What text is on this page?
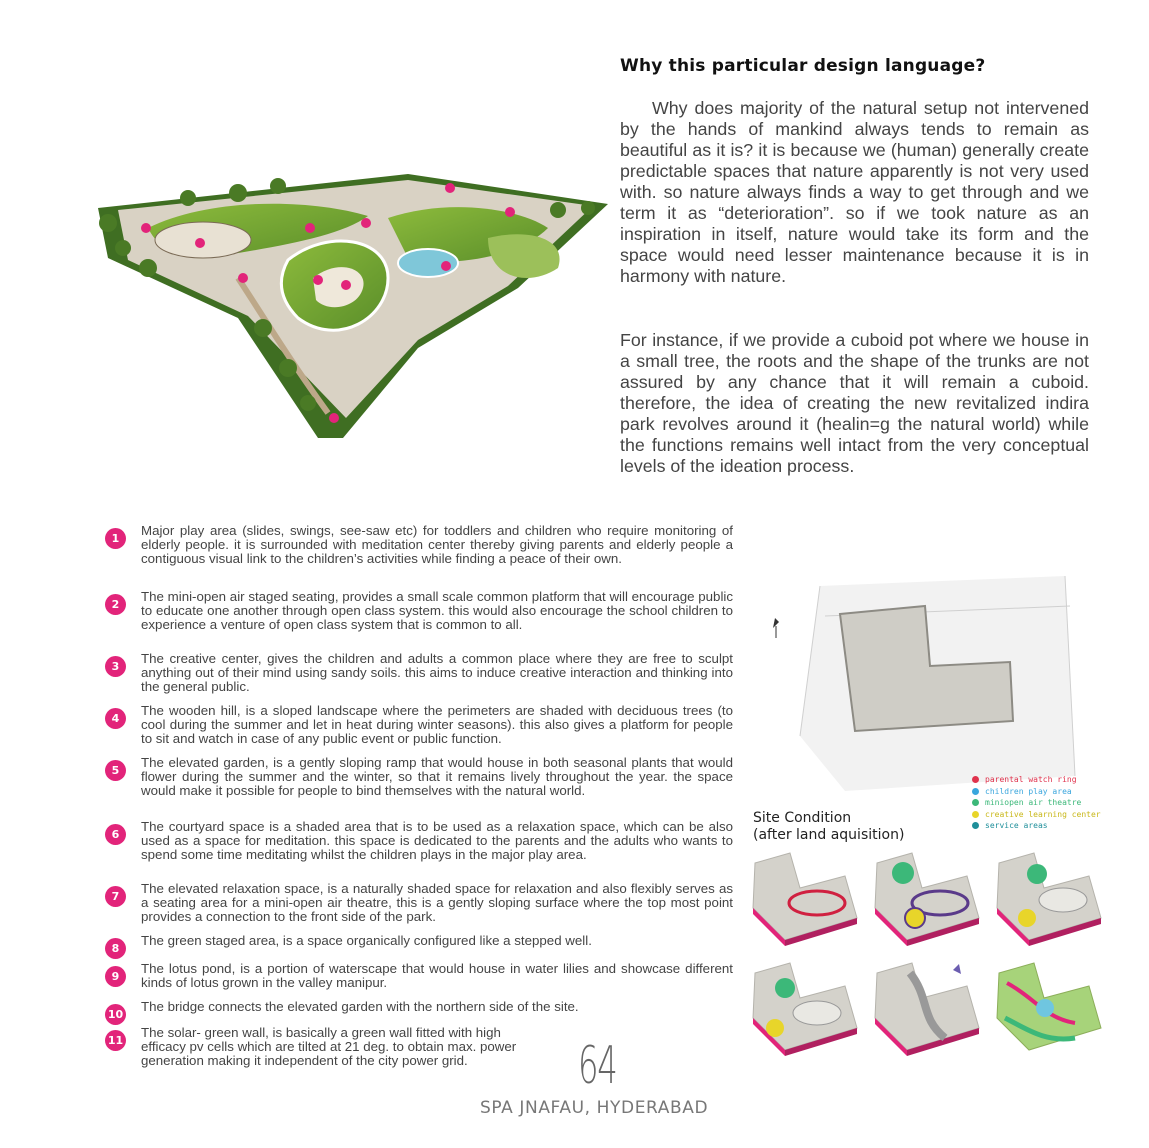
Why this particular design language?

Why does majority of the natural setup not intervened by the hands of mankind always tends to remain as beautiful as it is? it is because we (human) generally create predictable spaces that nature apparently is not very used with. so nature always finds a way to get through and we term it as “deterioration”. so if we took nature as an inspiration in itself, nature would take its form and the space would need lesser maintenance because it is in harmony with nature.

For instance, if we provide a cuboid pot where we house in a small tree, the roots and the shape of the trunks are not assured by any chance that it will remain a cuboid. therefore, the idea of creating the new revitalized indira park revolves around it (healin=g the natural world) while the functions remains well intact from the very conceptual levels of the ideation process.

1
Major play area (slides, swings, see-saw etc) for toddlers and children who require monitoring of elderly people. it is surrounded with meditation center thereby giving parents and elderly people a contiguous visual link to the children’s activities while finding a peace of their own.
2
The mini-open air staged seating, provides a small scale common platform that will encourage public to educate one another through open class system. this would also encourage the school children to experience a venture of open class system that is common to all.
3
The creative center, gives the children and adults a common place where they are free to sculpt anything out of their mind using sandy soils. this aims to induce creative interaction and thinking into the general public.
4
The wooden hill, is a sloped landscape where the perimeters are shaded with deciduous trees (to cool during the summer and let in heat during winter seasons). this also gives a platform for people to sit and watch in case of any public event or public function.
5
The elevated garden, is a gently sloping ramp that would house in both seasonal plants that would flower during the summer and the winter, so that it remains lively throughout the year. the space would make it possible for people to bind themselves with the natural world.
6
The courtyard space is a shaded area that is to be used as a relaxation space, which can be also used as a space for meditation. this space is dedicated to the parents and the adults who wants to spend some time meditating whilst the children plays in the major play area.
7
The elevated relaxation space, is a naturally shaded space for relaxation and also flexibly serves as a seating area for a mini-open air theatre, this is a gently sloping surface where the top most point provides a connection to the front side of the park.
8
The green staged area, is a space organically configured like a stepped well.
9
The lotus pond, is a portion of waterscape that would house in water lilies and showcase different kinds of lotus grown in the valley manipur.
10
The bridge connects the elevated garden with the northern side of the site.
11
The solar- green wall, is basically a green wall fitted with high efficacy pv cells which are tilted at 21 deg. to obtain max. power generation making it independent of the city power grid.
Site Condition
(after land aquisition)
parental watch ring
children play area
miniopen air theatre
creative learning center
service areas
64
SPA JNAFAU, HYDERABAD
